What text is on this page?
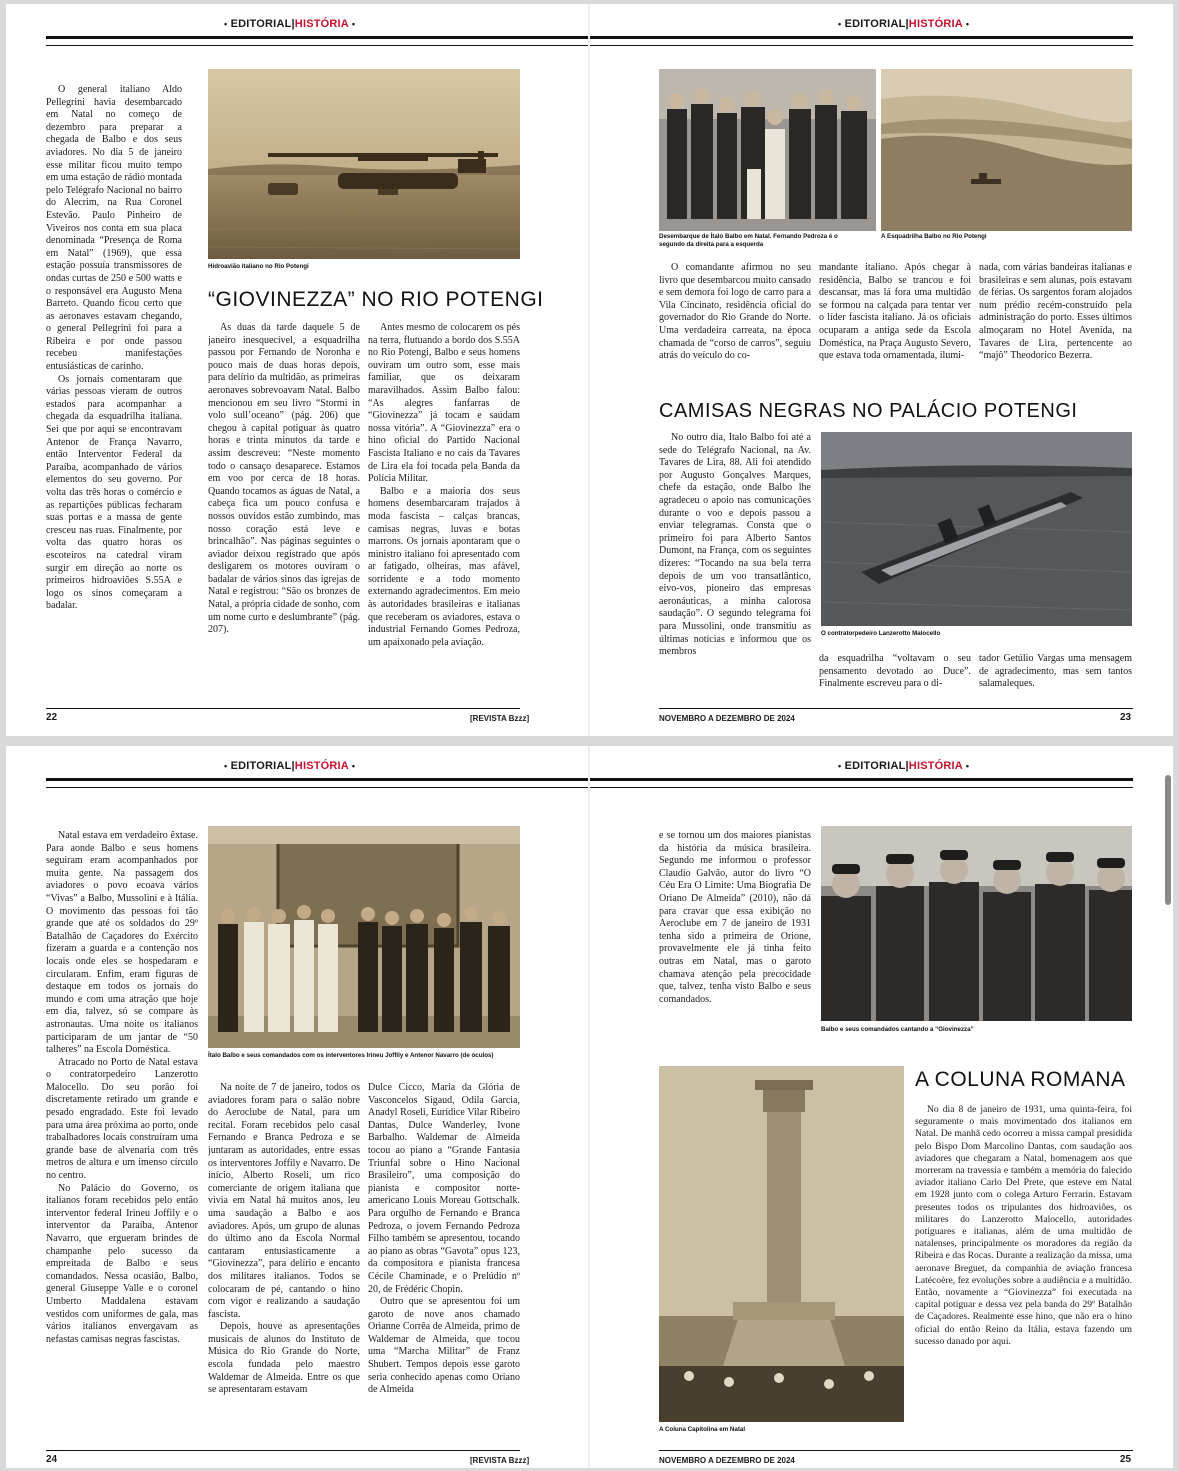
• EDITORIAL|HISTÓRIA •	• EDITORIAL|HISTÓRIA •

O general italiano Aldo Pellegrini havia desembarcado em Natal no começo de dezembro para preparar a chegada de Balbo e dos seus aviadores. No dia 5 de janeiro esse militar ficou muito tempo em uma estação de rádio montada pelo Telégrafo Nacional no bairro do Alecrim, na Rua Coronel Estevão. Paulo Pinheiro de Viveiros nos conta em sua placa denominada “Presença de Roma em Natal” (1969), que essa estação possuía transmissores de ondas curtas de 250 e 500 watts e o responsável era Augusto Mena Barreto. Quando ficou certo que as aeronaves estavam chegando, o general Pellegrini foi para a Ribeira e por onde passou recebeu manifestações entusiásticas de carinho.

Os jornais comentaram que várias pessoas vieram de outros estados para acompanhar a chegada da esquadrilha italiana. Sei que por aqui se encontravam Antenor de França Navarro, então Interventor Federal da Paraíba, acompanhado de vários elementos do seu governo. Por volta das três horas o comércio e as repartições públicas fecharam suas portas e a massa de gente cresceu nas ruas. Finalmente, por volta das quatro horas os escoteiros na catedral viram surgir em direção ao norte os primeiros hidroaviões S.55A e logo os sinos começaram a badalar.

Hidroavião italiano no Rio Potengi
“GIOVINEZZA” NO RIO POTENGI

Às duas da tarde daquele 5 de janeiro inesquecível, a esquadrilha passou por Fernando de Noronha e pouco mais de duas horas depois, para delírio da multidão, as primeiras aeronaves sobrevoavam Natal. Balbo mencionou em seu livro “Stormi in volo sull’oceano” (pág. 206) que chegou à capital potiguar às quatro horas e trinta minutos da tarde e assim descreveu: “Neste momento todo o cansaço desaparece. Estamos em voo por cerca de 18 horas. Quando tocamos as águas de Natal, a cabeça fica um pouco confusa e nossos ouvidos estão zumbindo, mas nosso coração está leve e brincalhão”. Nas páginas seguintes o aviador deixou registrado que após desligarem os motores ouviram o badalar de vários sinos das igrejas de Natal e registrou: “São os bronzes de Natal, a própria cidade de sonho, com um nome curto e deslumbrante” (pág. 207).

Antes mesmo de colocarem os pés na terra, flutuando a bordo dos S.55A no Rio Potengi, Balbo e seus homens ouviram um outro som, esse mais familiar, que os deixaram maravilhados. Assim Balbo falou: “As alegres fanfarras de “Giovinezza” já tocam e saúdam nossa vitória”. A “Giovinezza” era o hino oficial do Partido Nacional Fascista Italiano e no cais da Tavares de Lira ela foi tocada pela Banda da Polícia Militar.

Balbo e a maioria dos seus homens desembarcaram trajados à moda fascista – calças brancas, camisas negras, luvas e botas marrons. Os jornais apontaram que o ministro italiano foi apresentado com ar fatigado, olheiras, mas afável, sorridente e a todo momento externando agradecimentos. Em meio às autoridades brasileiras e italianas que receberam os aviadores, estava o industrial Fernando Gomes Pedroza, um apaixonado pela aviação.

22	[REVISTA Bzzz]
Desembarque de Ítalo Balbo em Natal. Fernando Pedroza é o segundo da direita para a esquerda
A Esquadrilha Balbo no Rio Potengi

O comandante afirmou no seu livro que desembarcou muito cansado e sem demora foi logo de carro para a Vila Cincinato, residência oficial do governador do Rio Grande do Norte. Uma verdadeira carreata, na época chamada de “corso de carros”, seguiu atrás do veículo do co-

mandante italiano. Após chegar à residência, Balbo se trancou e foi descansar, mas lá fora uma multidão se formou na calçada para tentar ver o líder fascista italiano. Já os oficiais ocuparam a antiga sede da Escola Doméstica, na Praça Augusto Severo, que estava toda ornamentada, ilumi-

nada, com várias bandeiras italianas e brasileiras e sem alunas, pois estavam de férias. Os sargentos foram alojados num prédio recém-construído pela administração do porto. Esses últimos almoçaram no Hotel Avenida, na Tavares de Lira, pertencente ao “majô” Theodorico Bezerra.

CAMISAS NEGRAS NO PALÁCIO POTENGI

No outro dia, Ítalo Balbo foi até a sede do Telégrafo Nacional, na Av. Tavares de Lira, 88. Ali foi atendido por Augusto Gonçalves Marques, chefe da estação, onde Balbo lhe agradeceu o apoio nas comunicações durante o voo e depois passou a enviar telegramas. Consta que o primeiro foi para Alberto Santos Dumont, na França, com os seguintes dizeres: “Tocando na sua bela terra depois de um voo transatlântico, eivo-vos, pioneiro das empresas aeronáuticas, a minha calorosa saudação”. O segundo telegrama foi para Mussolini, onde transmitiu as últimas notícias e informou que os membros

O contratorpedeiro Lanzerotto Malocello

da esquadrilha “voltavam o seu pensamento devotado ao Duce”. Finalmente escreveu para o di-

tador Getúlio Vargas uma mensagem de agradecimento, mas sem tantos salamaleques.

NOVEMBRO A DEZEMBRO DE 2024	23
• EDITORIAL|HISTÓRIA •	• EDITORIAL|HISTÓRIA •

Natal estava em verdadeiro êxtase. Para aonde Balbo e seus homens seguiram eram acompanhados por muita gente. Na passagem dos aviadores o povo ecoava vários “Vivas” a Balbo, Mussolini e à Itália. O movimento das pessoas foi tão grande que até os soldados do 29º Batalhão de Caçadores do Exército fizeram a guarda e a contenção nos locais onde eles se hospedaram e circularam. Enfim, eram figuras de destaque em todos os jornais do mundo e com uma atração que hoje em dia, talvez, só se compare às astronautas. Uma noite os italianos participaram de um jantar de “50 talheres” na Escola Doméstica.

Atracado no Porto de Natal estava o contratorpedeiro Lanzerotto Malocello. Do seu porão foi discretamente retirado um grande e pesado engradado. Este foi levado para uma área próxima ao porto, onde trabalhadores locais construíram uma grande base de alvenaria com três metros de altura e um imenso círculo no centro.

No Palácio do Governo, os italianos foram recebidos pelo então interventor federal Irineu Joffily e o interventor da Paraíba, Antenor Navarro, que ergueram brindes de champanhe pelo sucesso da empreitada de Balbo e seus comandados. Nessa ocasião, Balbo, general Giuseppe Valle e o coronel Umberto Maddalena estavam vestidos com uniformes de gala, mas vários italianos envergavam as nefastas camisas negras fascistas.

Ítalo Balbo e seus comandados com os interventores Irineu Joffily e Antenor Navarro (de óculos)

Na noite de 7 de janeiro, todos os aviadores foram para o salão nobre do Aeroclube de Natal, para um recital. Foram recebidos pelo casal Fernando e Branca Pedroza e se juntaram as autoridades, entre essas os interventores Joffily e Navarro. De início, Alberto Roseli, um rico comerciante de origem italiana que vivia em Natal há muitos anos, leu uma saudação a Balbo e aos aviadores. Após, um grupo de alunas do último ano da Escola Normal cantaram entusiasticamente a “Giovinezza”, para delírio e encanto dos militares italianos. Todos se colocaram de pé, cantando o hino com vigor e realizando a saudação fascista.

Depois, houve as apresentações musicais de alunos do Instituto de Música do Rio Grande do Norte, escola fundada pelo maestro Waldemar de Almeida. Entre os que se apresentaram estavam

Dulce Cicco, Maria da Glória de Vasconcelos Sigaud, Odila Garcia, Anadyl Roseli, Eurídice Vilar Ribeiro Dantas, Dulce Wanderley, Ivone Barbalho. Waldemar de Almeida tocou ao piano a “Grande Fantasia Triunfal sobre o Hino Nacional Brasileiro”, uma composição do pianista e compositor norte-americano Louis Moreau Gottschalk. Para orgulho de Fernando e Branca Pedroza, o jovem Fernando Pedroza Filho também se apresentou, tocando ao piano as obras “Gavota” opus 123, da compositora e pianista francesa Cécile Chaminade, e o Prelúdio nº 20, de Frédéric Chopin.

Outro que se apresentou foi um garoto de nove anos chamado Orianne Corrêa de Almeida, primo de Waldemar de Almeida, que tocou uma “Marcha Militar” de Franz Shubert. Tempos depois esse garoto seria conhecido apenas como Oriano de Almeida

24	[REVISTA Bzzz]

e se tornou um dos maiores pianistas da história da música brasileira. Segundo me informou o professor Claudio Galvão, autor do livro “O Céu Era O Limite: Uma Biografia De Oriano De Almeida” (2010), não dá para cravar que essa exibição no Aeroclube em 7 de janeiro de 1931 tenha sido a primeira de Orione, provavelmente ele já tinha feito outras em Natal, mas o garoto chamava atenção pela precocidade que, talvez, tenha visto Balbo e seus comandados.

Balbo e seus comandados cantando a “Giovinezza”
A Coluna Capitolina em Natal
A COLUNA ROMANA

No dia 8 de janeiro de 1931, uma quinta-feira, foi seguramente o mais movimentado dos italianos em Natal. De manhã cedo ocorreu a missa campal presidida pelo Bispo Dom Marcolino Dantas, com saudação aos aviadores que chegaram a Natal, homenagem aos que morreram na travessia e também a memória do falecido aviador italiano Carlo Del Prete, que esteve em Natal em 1928 junto com o colega Arturo Ferrarin. Estavam presentes todos os tripulantes dos hidroaviões, os militares do Lanzerotto Malocello, autoridades potiguares e italianas, além de uma multidão de natalenses, principalmente os moradores da região da Ribeira e das Rocas. Durante a realização da missa, uma aeronave Breguet, da companhia de aviação francesa Latécoère, fez evoluções sobre a audiência e a multidão. Então, novamente a “Giovinezza” foi executada na capital potiguar e dessa vez pela banda do 29º Batalhão de Caçadores. Realmente esse hino, que não era o hino oficial do então Reino da Itália, estava fazendo um sucesso danado por aqui.

NOVEMBRO A DEZEMBRO DE 2024	25
